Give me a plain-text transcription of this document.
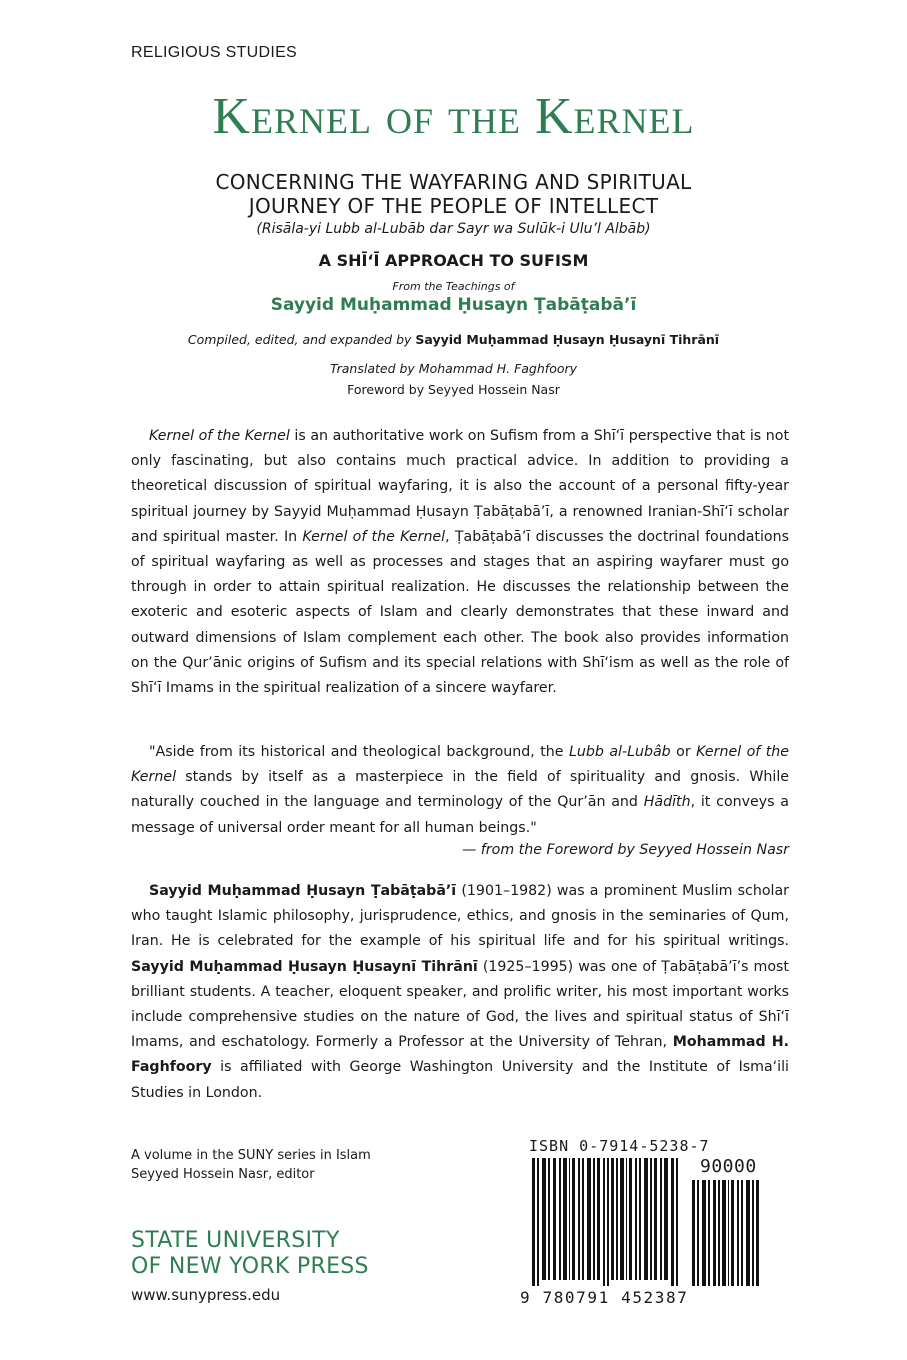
RELIGIOUS STUDIES
Kernel of the Kernel
CONCERNING THE WAYFARING AND SPIRITUAL
JOURNEY OF THE PEOPLE OF INTELLECT
(Risāla-yi Lubb al-Lubāb dar Sayr wa Sulūk-i Ulu’l Albāb)
A SHĪ‘Ī APPROACH TO SUFISM
From the Teachings of
Sayyid Muḥammad Ḥusayn Ṭabāṭabā’ī
Compiled, edited, and expanded by Sayyid Muḥammad Ḥusayn Ḥusaynī Tihrānī
Translated by Mohammad H. Faghfoory
Foreword by Seyyed Hossein Nasr
Kernel of the Kernel is an authoritative work on Sufism from a Shī‘ī perspective that is not only fascinating, but also contains much practical advice. In addition to providing a theoretical discussion of spiritual wayfaring, it is also the account of a personal fifty-year spiritual journey by Sayyid Muḥammad Ḥusayn Ṭabāṭabā’ī, a renowned Iranian-Shī‘ī scholar and spiritual master. In Kernel of the Kernel, Ṭabāṭabā’ī discusses the doctrinal foundations of spiritual wayfaring as well as processes and stages that an aspiring wayfarer must go through in order to attain spiritual realization. He discusses the relationship between the exoteric and esoteric aspects of Islam and clearly demonstrates that these inward and outward dimensions of Islam complement each other. The book also provides information on the Qur’ānic origins of Sufism and its special relations with Shī‘ism as well as the role of Shī‘ī Imams in the spiritual realization of a sincere wayfarer.
"Aside from its historical and theological background, the Lubb al-Lubâb or Kernel of the Kernel stands by itself as a masterpiece in the field of spirituality and gnosis. While naturally couched in the language and terminology of the Qur’ān and Hādīth, it conveys a message of universal order meant for all human beings."
— from the Foreword by Seyyed Hossein Nasr
Sayyid Muḥammad Ḥusayn Ṭabāṭabā’ī (1901–1982) was a prominent Muslim scholar who taught Islamic philosophy, jurisprudence, ethics, and gnosis in the seminaries of Qum, Iran. He is celebrated for the example of his spiritual life and for his spiritual writings. Sayyid Muḥammad Ḥusayn Ḥusaynī Tihrānī (1925–1995) was one of Ṭabāṭabā’ī’s most brilliant students. A teacher, eloquent speaker, and prolific writer, his most important works include comprehensive studies on the nature of God, the lives and spiritual status of Shī‘ī Imams, and eschatology. Formerly a Professor at the University of Tehran, Mohammad H. Faghfoory is affiliated with George Washington University and the Institute of Isma‘ili Studies in London.
A volume in the SUNY series in Islam
Seyyed Hossein Nasr, editor
STATE UNIVERSITY
OF NEW YORK PRESS
www.sunypress.edu
ISBN 0-7914-5238-7
90000
9 780791 452387
